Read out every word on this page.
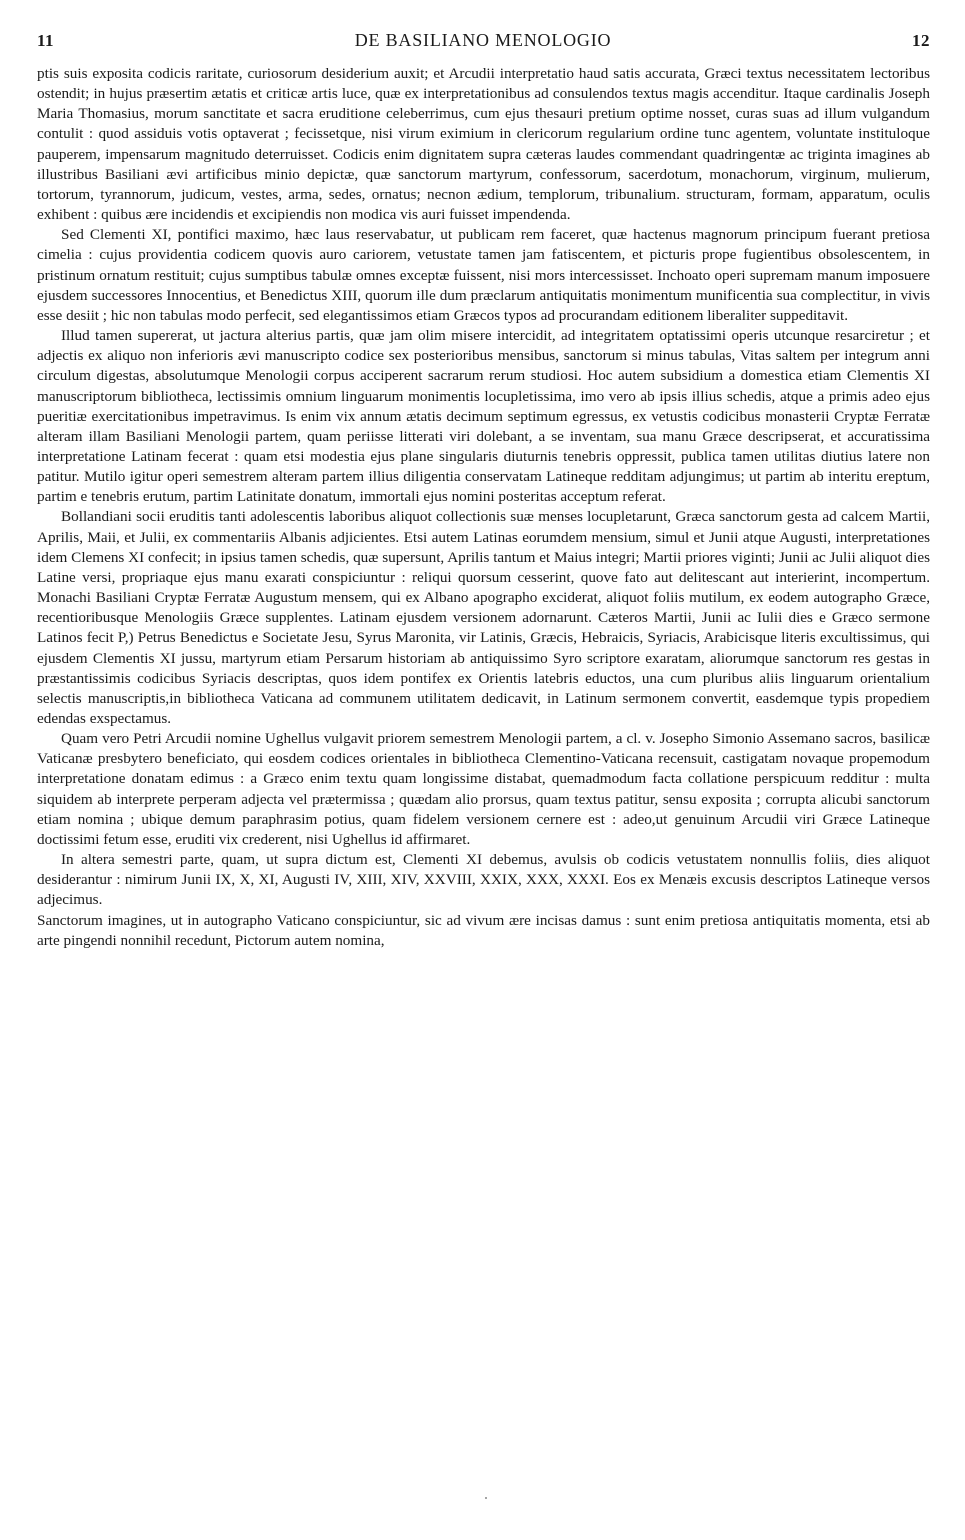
11	DE BASILIANO MENOLOGIO	12

ptis suis exposita codicis raritate, curiosorum desiderium auxit; et Arcudii interpretatio haud satis accurata, Græci textus necessitatem lectoribus ostendit; in hujus præsertim ætatis et criticæ artis luce, quæ ex interpretationibus ad consulendos textus magis accenditur. Itaque cardinalis Joseph Maria Thomasius, morum sanctitate et sacra eruditione celeberrimus, cum ejus thesauri pretium optime nosset, curas suas ad illum vulgandum contulit : quod assiduis votis optaverat ; fecissetque, nisi virum eximium in clericorum regularium ordine tunc agentem, voluntate instituloque pauperem, impensarum magnitudo deterruisset. Codicis enim dignitatem supra cæteras laudes commendant quadringentæ ac triginta imagines ab illustribus Basiliani ævi artificibus minio depictæ, quæ sanctorum martyrum, confessorum, sacerdotum, monachorum, virginum, mulierum, tortorum, tyrannorum, judicum, vestes, arma, sedes, ornatus; necnon ædium, templorum, tribunalium. structuram, formam, apparatum, oculis exhibent : quibus ære incidendis et excipiendis non modica vis auri fuisset impendenda.

Sed Clementi XI, pontifici maximo, hæc laus reservabatur, ut publicam rem faceret, quæ hactenus magnorum principum fuerant pretiosa cimelia : cujus providentia codicem quovis auro cariorem, vetustate tamen jam fatiscentem, et picturis prope fugientibus obsolescentem, in pristinum ornatum restituit; cujus sumptibus tabulæ omnes exceptæ fuissent, nisi mors intercessisset. Inchoato operi supremam manum imposuere ejusdem successores Innocentius, et Benedictus XIII, quorum ille dum præclarum antiquitatis monimentum munificentia sua complectitur, in vivis esse desiit ; hic non tabulas modo perfecit, sed elegantissimos etiam Græcos typos ad procurandam editionem liberaliter suppeditavit.

Illud tamen supererat, ut jactura alterius partis, quæ jam olim misere intercidit, ad integritatem optatissimi operis utcunque resarciretur ; et adjectis ex aliquo non inferioris ævi manuscripto codice sex posterioribus mensibus, sanctorum si minus tabulas, Vitas saltem per integrum anni circulum digestas, absolutumque Menologii corpus acciperent sacrarum rerum studiosi. Hoc autem subsidium a domestica etiam Clementis XI manuscriptorum bibliotheca, lectissimis omnium linguarum monimentis locupletissima, imo vero ab ipsis illius schedis, atque a primis adeo ejus pueritiæ exercitationibus impetravimus. Is enim vix annum ætatis decimum septimum egressus, ex vetustis codicibus monasterii Cryptæ Ferratæ alteram illam Basiliani Menologii partem, quam periisse litterati viri dolebant, a se inventam, sua manu Græce descripserat, et accuratissima interpretatione Latinam fecerat : quam etsi modestia ejus plane singularis diuturnis tenebris oppressit, publica tamen utilitas diutius latere non patitur. Mutilo igitur operi semestrem alteram partem illius diligentia conservatam Latineque redditam adjungimus; ut partim ab interitu ereptum, partim e tenebris erutum, partim Latinitate donatum, immortali ejus nomini posteritas acceptum referat.

Bollandiani socii eruditis tanti adolescentis laboribus aliquot collectionis suæ menses locupletarunt, Græca sanctorum gesta ad calcem Martii, Aprilis, Maii, et Julii, ex commentariis Albanis adjicientes. Etsi autem Latinas eorumdem mensium, simul et Junii atque Augusti, interpretationes idem Clemens XI confecit; in ipsius tamen schedis, quæ supersunt, Aprilis tantum et Maius integri; Martii priores viginti; Junii ac Julii aliquot dies Latine versi, propriaque ejus manu exarati conspiciuntur : reliqui quorsum cesserint, quove fato aut delitescant aut interierint, incompertum. Monachi Basiliani Cryptæ Ferratæ Augustum mensem, qui ex Albano apographo exciderat, aliquot foliis mutilum, ex eodem autographo Græce, recentioribusque Menologiis Græce supplentes. Latinam ejusdem versionem adornarunt. Cæteros Martii, Junii ac Iulii dies e Græco sermone Latinos fecit P,) Petrus Benedictus e Societate Jesu, Syrus Maronita, vir Latinis, Græcis, Hebraicis, Syriacis, Arabicisque literis excultissimus, qui ejusdem Clementis XI jussu, martyrum etiam Persarum historiam ab antiquissimo Syro scriptore exaratam, aliorumque sanctorum res gestas in præstantissimis codicibus Syriacis descriptas, quos idem pontifex ex Orientis latebris eductos, una cum pluribus aliis linguarum orientalium selectis manuscriptis,in bibliotheca Vaticana ad communem utilitatem dedicavit, in Latinum sermonem convertit, easdemque typis propediem edendas exspectamus.

Quam vero Petri Arcudii nomine Ughellus vulgavit priorem semestrem Menologii partem, a cl. v. Josepho Simonio Assemano sacros, basilicæ Vaticanæ presbytero beneficiato, qui eosdem codices orientales in bibliotheca Clementino-Vaticana recensuit, castigatam novaque propemodum interpretatione donatam edimus : a Græco enim textu quam longissime distabat, quemadmodum facta collatione perspicuum redditur : multa siquidem ab interprete perperam adjecta vel prætermissa ; quædam alio prorsus, quam textus patitur, sensu exposita ; corrupta alicubi sanctorum etiam nomina ; ubique demum paraphrasim potius, quam fidelem versionem cernere est : adeo,ut genuinum Arcudii viri Græce Latineque doctissimi fetum esse, eruditi vix crederent, nisi Ughellus id affirmaret.

In altera semestri parte, quam, ut supra dictum est, Clementi XI debemus, avulsis ob codicis vetustatem nonnullis foliis, dies aliquot desiderantur : nimirum Junii IX, X, XI, Augusti IV, XIII, XIV, XXVIII, XXIX, XXX, XXXI. Eos ex Menæis excusis descriptos Latineque versos adjecimus.

Sanctorum imagines, ut in autographo Vaticano conspiciuntur, sic ad vivum ære incisas damus : sunt enim pretiosa antiquitatis momenta, etsi ab arte pingendi nonnihil recedunt, Pictorum autem nomina,
